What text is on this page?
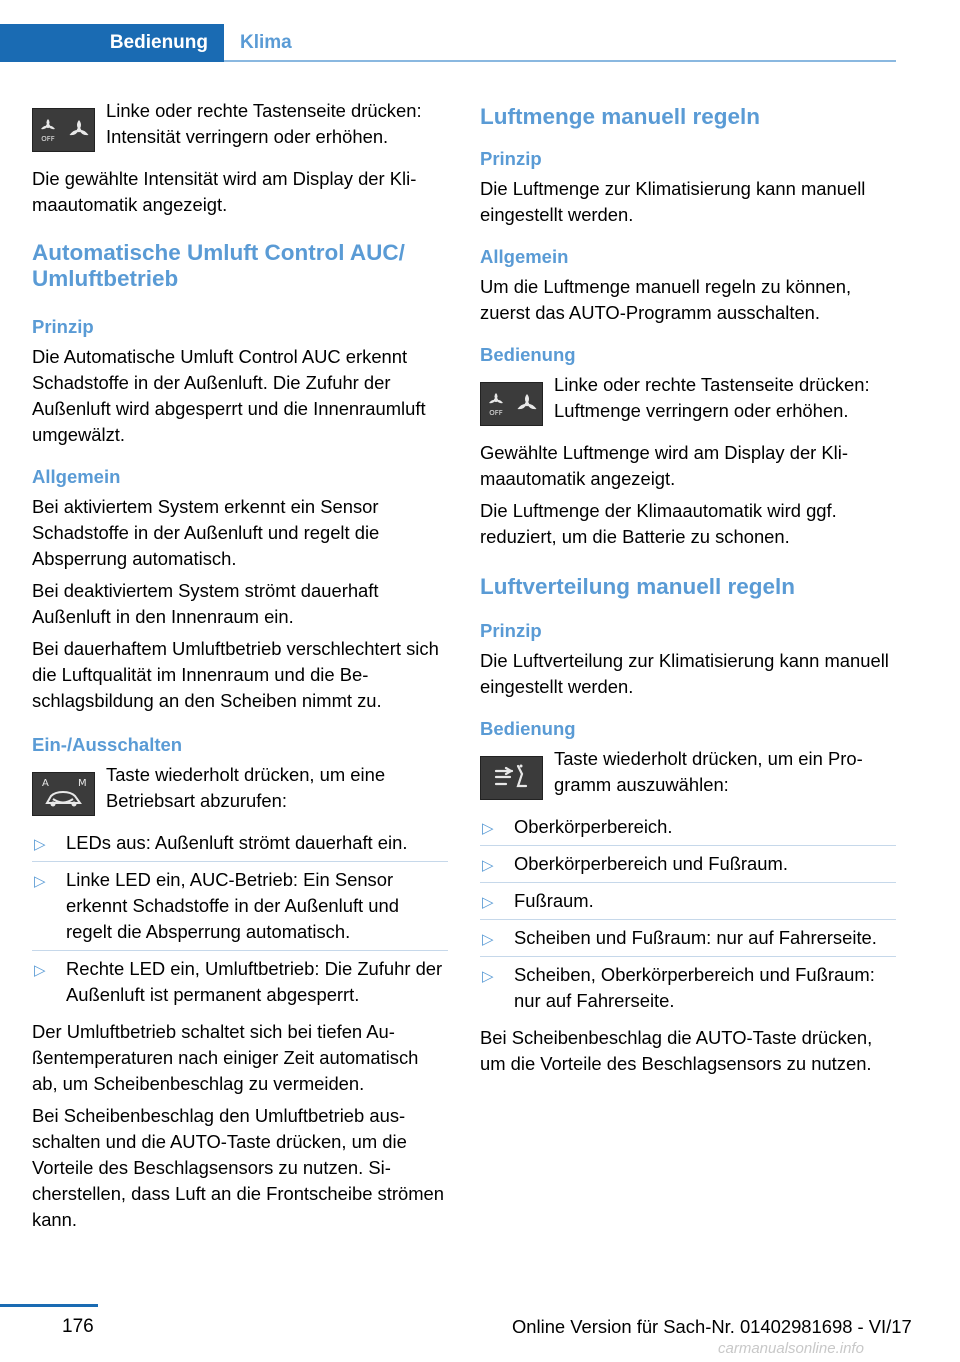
Bedienung Klima
OFF

Linke oder rechte Tastenseite drücken: Intensität verringern oder erhöhen.

Die gewählte Intensität wird am Display der Klimaautomatik angezeigt.

Automatische Umluft Control AUC/ Umluftbetrieb
Prinzip

Die Automatische Umluft Control AUC erkennt Schadstoffe in der Außenluft. Die Zufuhr der Außenluft wird abgesperrt und die Innenraumluft umgewälzt.

Allgemein

Bei aktiviertem System erkennt ein Sensor Schadstoffe in der Außenluft und regelt die Absperrung automatisch.

Bei deaktiviertem System strömt dauerhaft Außenluft in den Innenraum ein.

Bei dauerhaftem Umluftbetrieb verschlechtert sich die Luftqualität im Innenraum und die Beschlagsbildung an den Scheiben nimmt zu.

Ein-/Ausschalten
A	M	Taste wiederholt drücken, um eine Betriebsart abzurufen:

▷ LEDs aus: Außenluft strömt dauerhaft ein.
▷ Linke LED ein, AUC-Betrieb: Ein Sensor erkennt Schadstoffe in der Außenluft und regelt die Absperrung automatisch.
▷ Rechte LED ein, Umluftbetrieb: Die Zufuhr der Außenluft ist permanent abgesperrt.

Der Umluftbetrieb schaltet sich bei tiefen Außentemperaturen nach einiger Zeit automatisch ab, um Scheibenbeschlag zu vermeiden.

Bei Scheibenbeschlag den Umluftbetrieb ausschalten und die AUTO-Taste drücken, um die Vorteile des Beschlagsensors zu nutzen. Sicherstellen, dass Luft an die Frontscheibe strömen kann.

Luftmenge manuell regeln
Prinzip

Die Luftmenge zur Klimatisierung kann manuell eingestellt werden.

Allgemein

Um die Luftmenge manuell regeln zu können, zuerst das AUTO-Programm ausschalten.

Bedienung
OFF

Linke oder rechte Tastenseite drücken: Luftmenge verringern oder erhöhen.

Gewählte Luftmenge wird am Display der Klimaautomatik angezeigt.

Die Luftmenge der Klimaautomatik wird ggf. reduziert, um die Batterie zu schonen.

Luftverteilung manuell regeln
Prinzip

Die Luftverteilung zur Klimatisierung kann manuell eingestellt werden.

Bedienung

Taste wiederholt drücken, um ein Programm auszuwählen:

▷ Oberkörperbereich.
▷ Oberkörperbereich und Fußraum.
▷ Fußraum.
▷ Scheiben und Fußraum: nur auf Fahrerseite.
▷ Scheiben, Oberkörperbereich und Fußraum: nur auf Fahrerseite.

Bei Scheibenbeschlag die AUTO-Taste drücken, um die Vorteile des Beschlagsensors zu nutzen.

176	Online Version für Sach-Nr. 01402981698 - VI/17
carmanualsonline.info
